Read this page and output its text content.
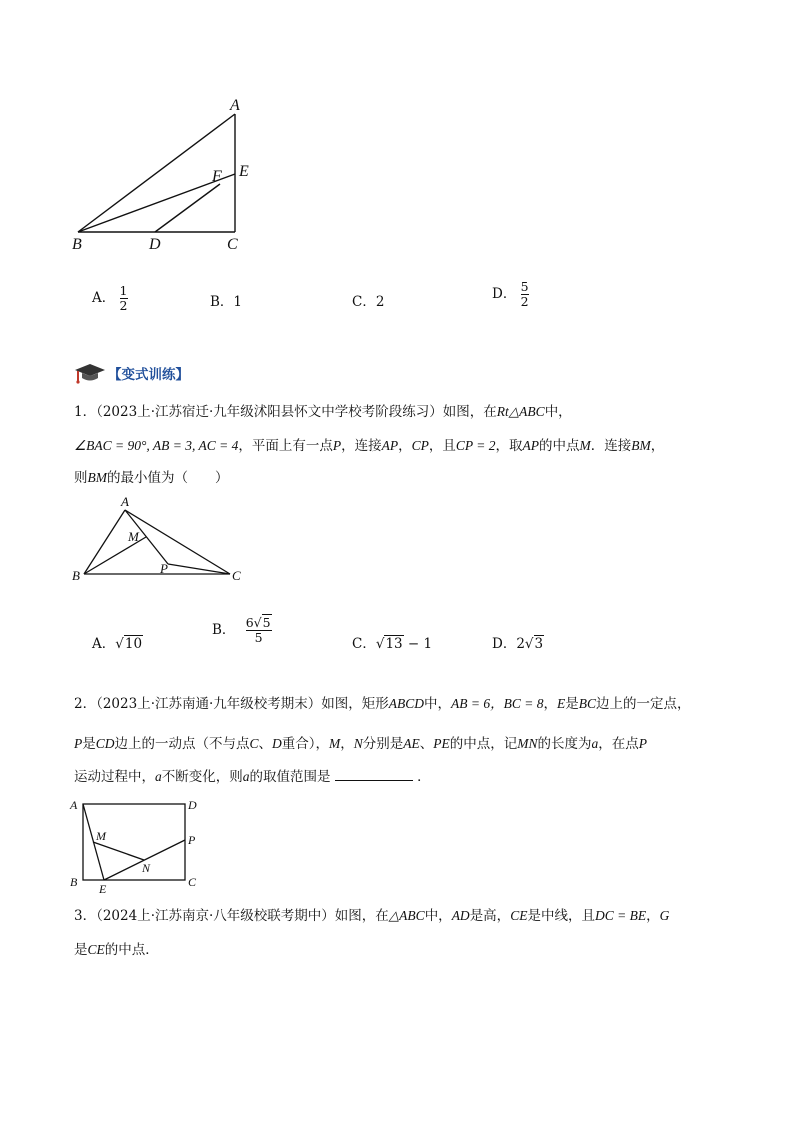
A
E
F
B	D	C
A． $\frac{1}{2}$	B．1	C．2	D． $\frac{5}{2}$
【变式训练】
1．（2023上·江苏宿迁·九年级沭阳县怀文中学校考阶段练习）如图，在Rt△ABC中，
∠BAC = 90°, AB = 3, AC = 4，平面上有一点P，连接AP，CP，且CP = 2，取AP的中点M．连接BM，
则BM的最小值为（　　）
A
M
P
B	C
A．√10
B． $\frac{6√5}{5}$	C．√13 − 1	D．2√3
2．（2023上·江苏南通·九年级校考期末）如图，矩形ABCD中，AB = 6，BC = 8，E是BC边上的一定点，
P是CD边上的一动点（不与点C、D重合），M，N分别是AE、PE的中点，记MN的长度为a，在点P
运动过程中，a不断变化，则a的取值范围是	．
A	D
M	P
N
B E	C
3．（2024上·江苏南京·八年级校联考期中）如图，在△ABC中，AD是高，CE是中线，且DC = BE，G
是CE的中点．
